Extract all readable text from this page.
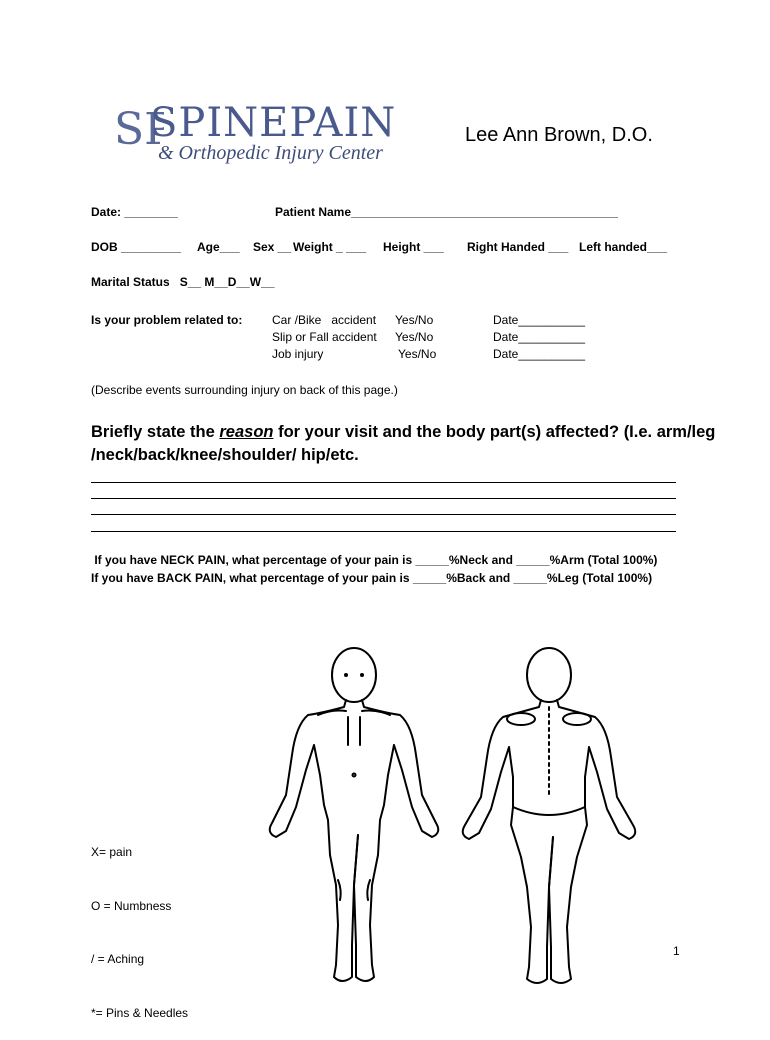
SP
SPINEPAIN
& Orthopedic Injury Center
Lee Ann Brown, D.O.
Date: ________	Patient Name________________________________________
DOB _________ Age___ Sex __ Weight _ ___ Height ___ Right Handed ___ Left handed___
Marital Status   S__ M__D__W__
Is your problem related to: Car /Bike   accident Yes/No	Date__________
Slip or Fall accident Yes/No	Date__________
Job injury	Yes/No	Date__________
(Describe events surrounding injury on back of this page.)
Briefly state the reason for your visit and the body part(s) affected? (I.e. arm/leg
/neck/back/knee/shoulder/ hip/etc.
If you have NECK PAIN, what percentage of your pain is _____%Neck and _____%Arm (Total 100%)
If you have BACK PAIN, what percentage of your pain is _____%Back and _____%Leg (Total 100%)

X= pain

O = Numbness

/ = Aching

*= Pins & Needles

1
